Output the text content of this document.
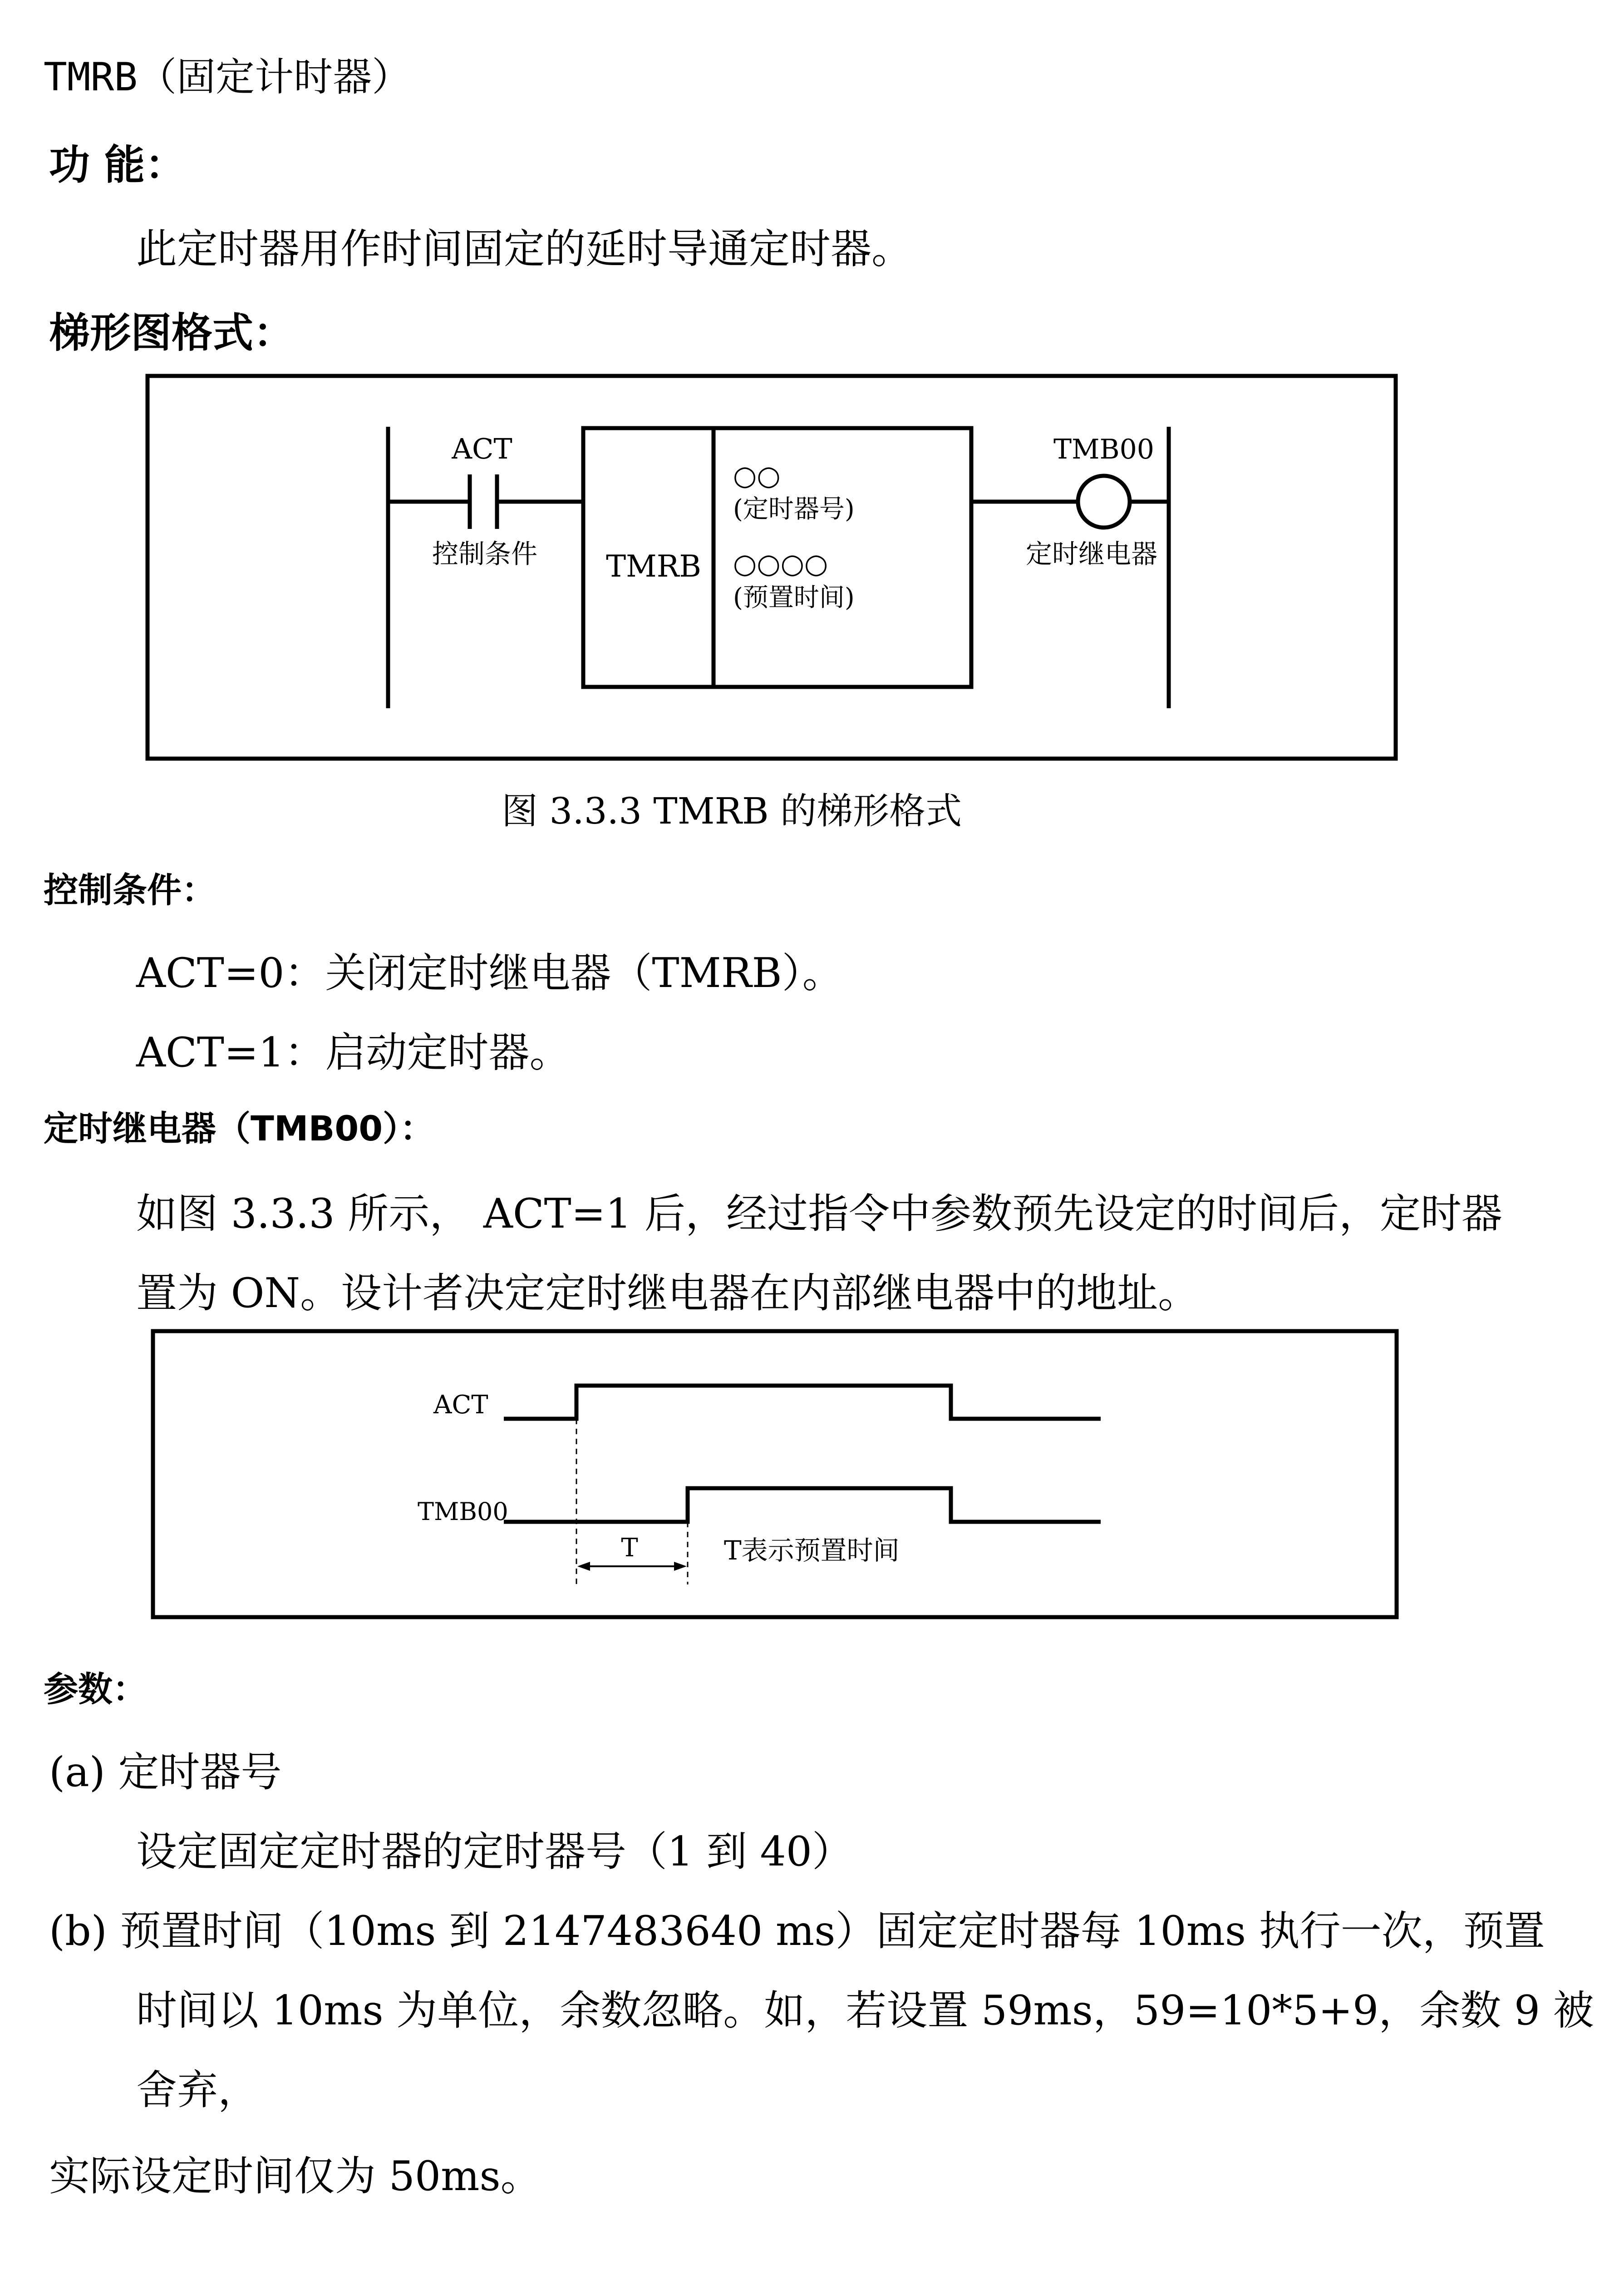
TMRB（固定计时器）
功 能：
此定时器用作时间固定的延时导通定时器。
梯形图格式：
ACT
控制条件 TMRB
○○
(定时器号)
○○○○
(预置时间)
TMB00
定时继电器
图 3.3.3 TMRB 的梯形格式
控制条件：
ACT=0：关闭定时继电器（TMRB）。
ACT=1：启动定时器。
定时继电器（TMB00）：
如图 3.3.3 所示， ACT=1 后，经过指令中参数预先设定的时间后，定时器
置为 ON。设计者决定定时继电器在内部继电器中的地址。
ACT
TMB00
T	T表示预置时间
参数：
(a) 定时器号
设定固定定时器的定时器号（1 到 40）
(b) 预置时间（10ms 到 2147483640 ms）固定定时器每 10ms 执行一次，预置
时间以 10ms 为单位，余数忽略。如，若设置 59ms，59=10*5+9，余数 9 被
舍弃，
实际设定时间仅为 50ms。
